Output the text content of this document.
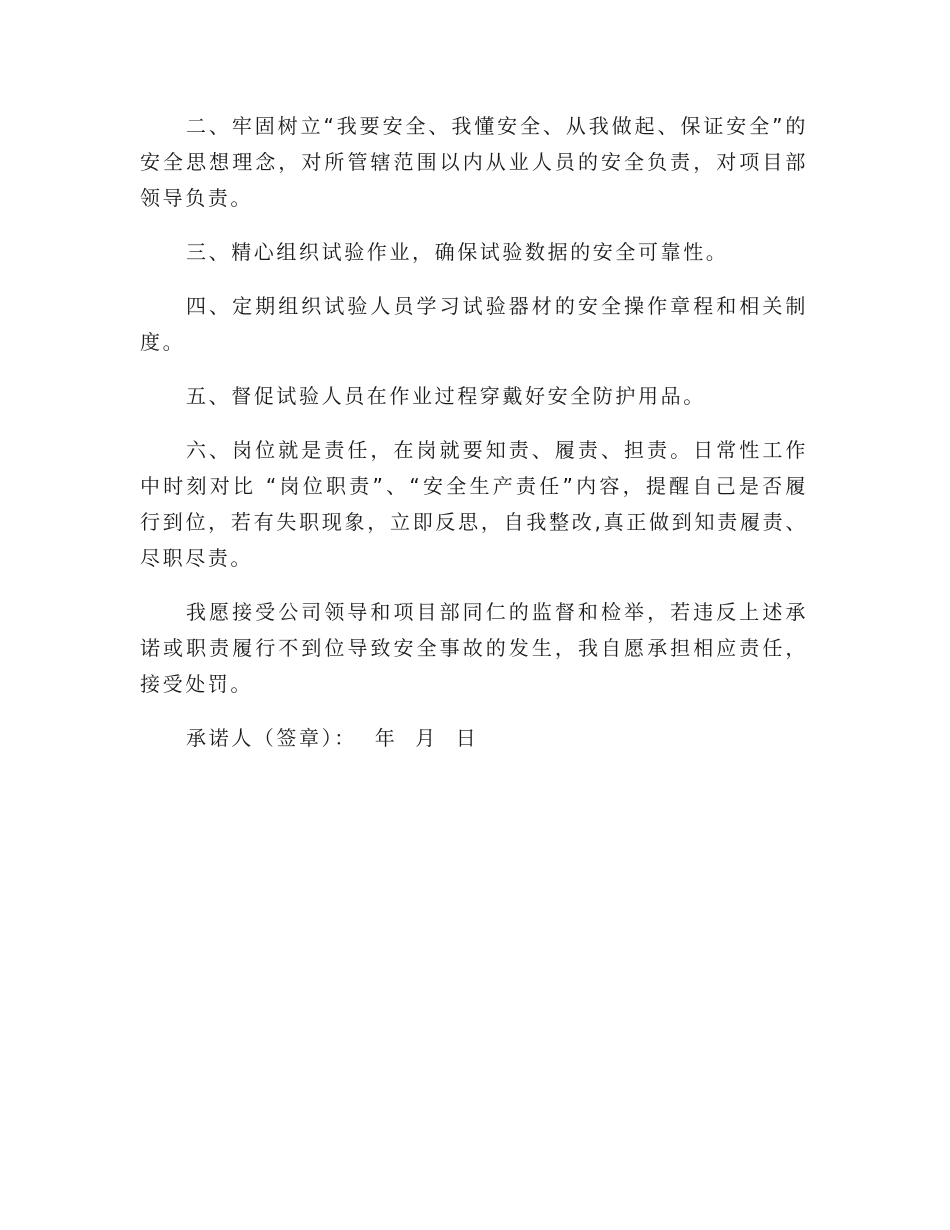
二、牢固树立“我要安全、我懂安全、从我做起、保证安全”的安全思想理念，对所管辖范围以内从业人员的安全负责，对项目部领导负责。

三、精心组织试验作业，确保试验数据的安全可靠性。

四、定期组织试验人员学习试验器材的安全操作章程和相关制度。

五、督促试验人员在作业过程穿戴好安全防护用品。

六、岗位就是责任，在岗就要知责、履责、担责。日常性工作中时刻对比 “岗位职责”、“安全生产责任”内容，提醒自己是否履行到位，若有失职现象，立即反思，自我整改,真正做到知责履责、尽职尽责。

我愿接受公司领导和项目部同仁的监督和检举，若违反上述承诺或职责履行不到位导致安全事故的发生，我自愿承担相应责任，接受处罚。

承诺人（签章）：  年  月  日
